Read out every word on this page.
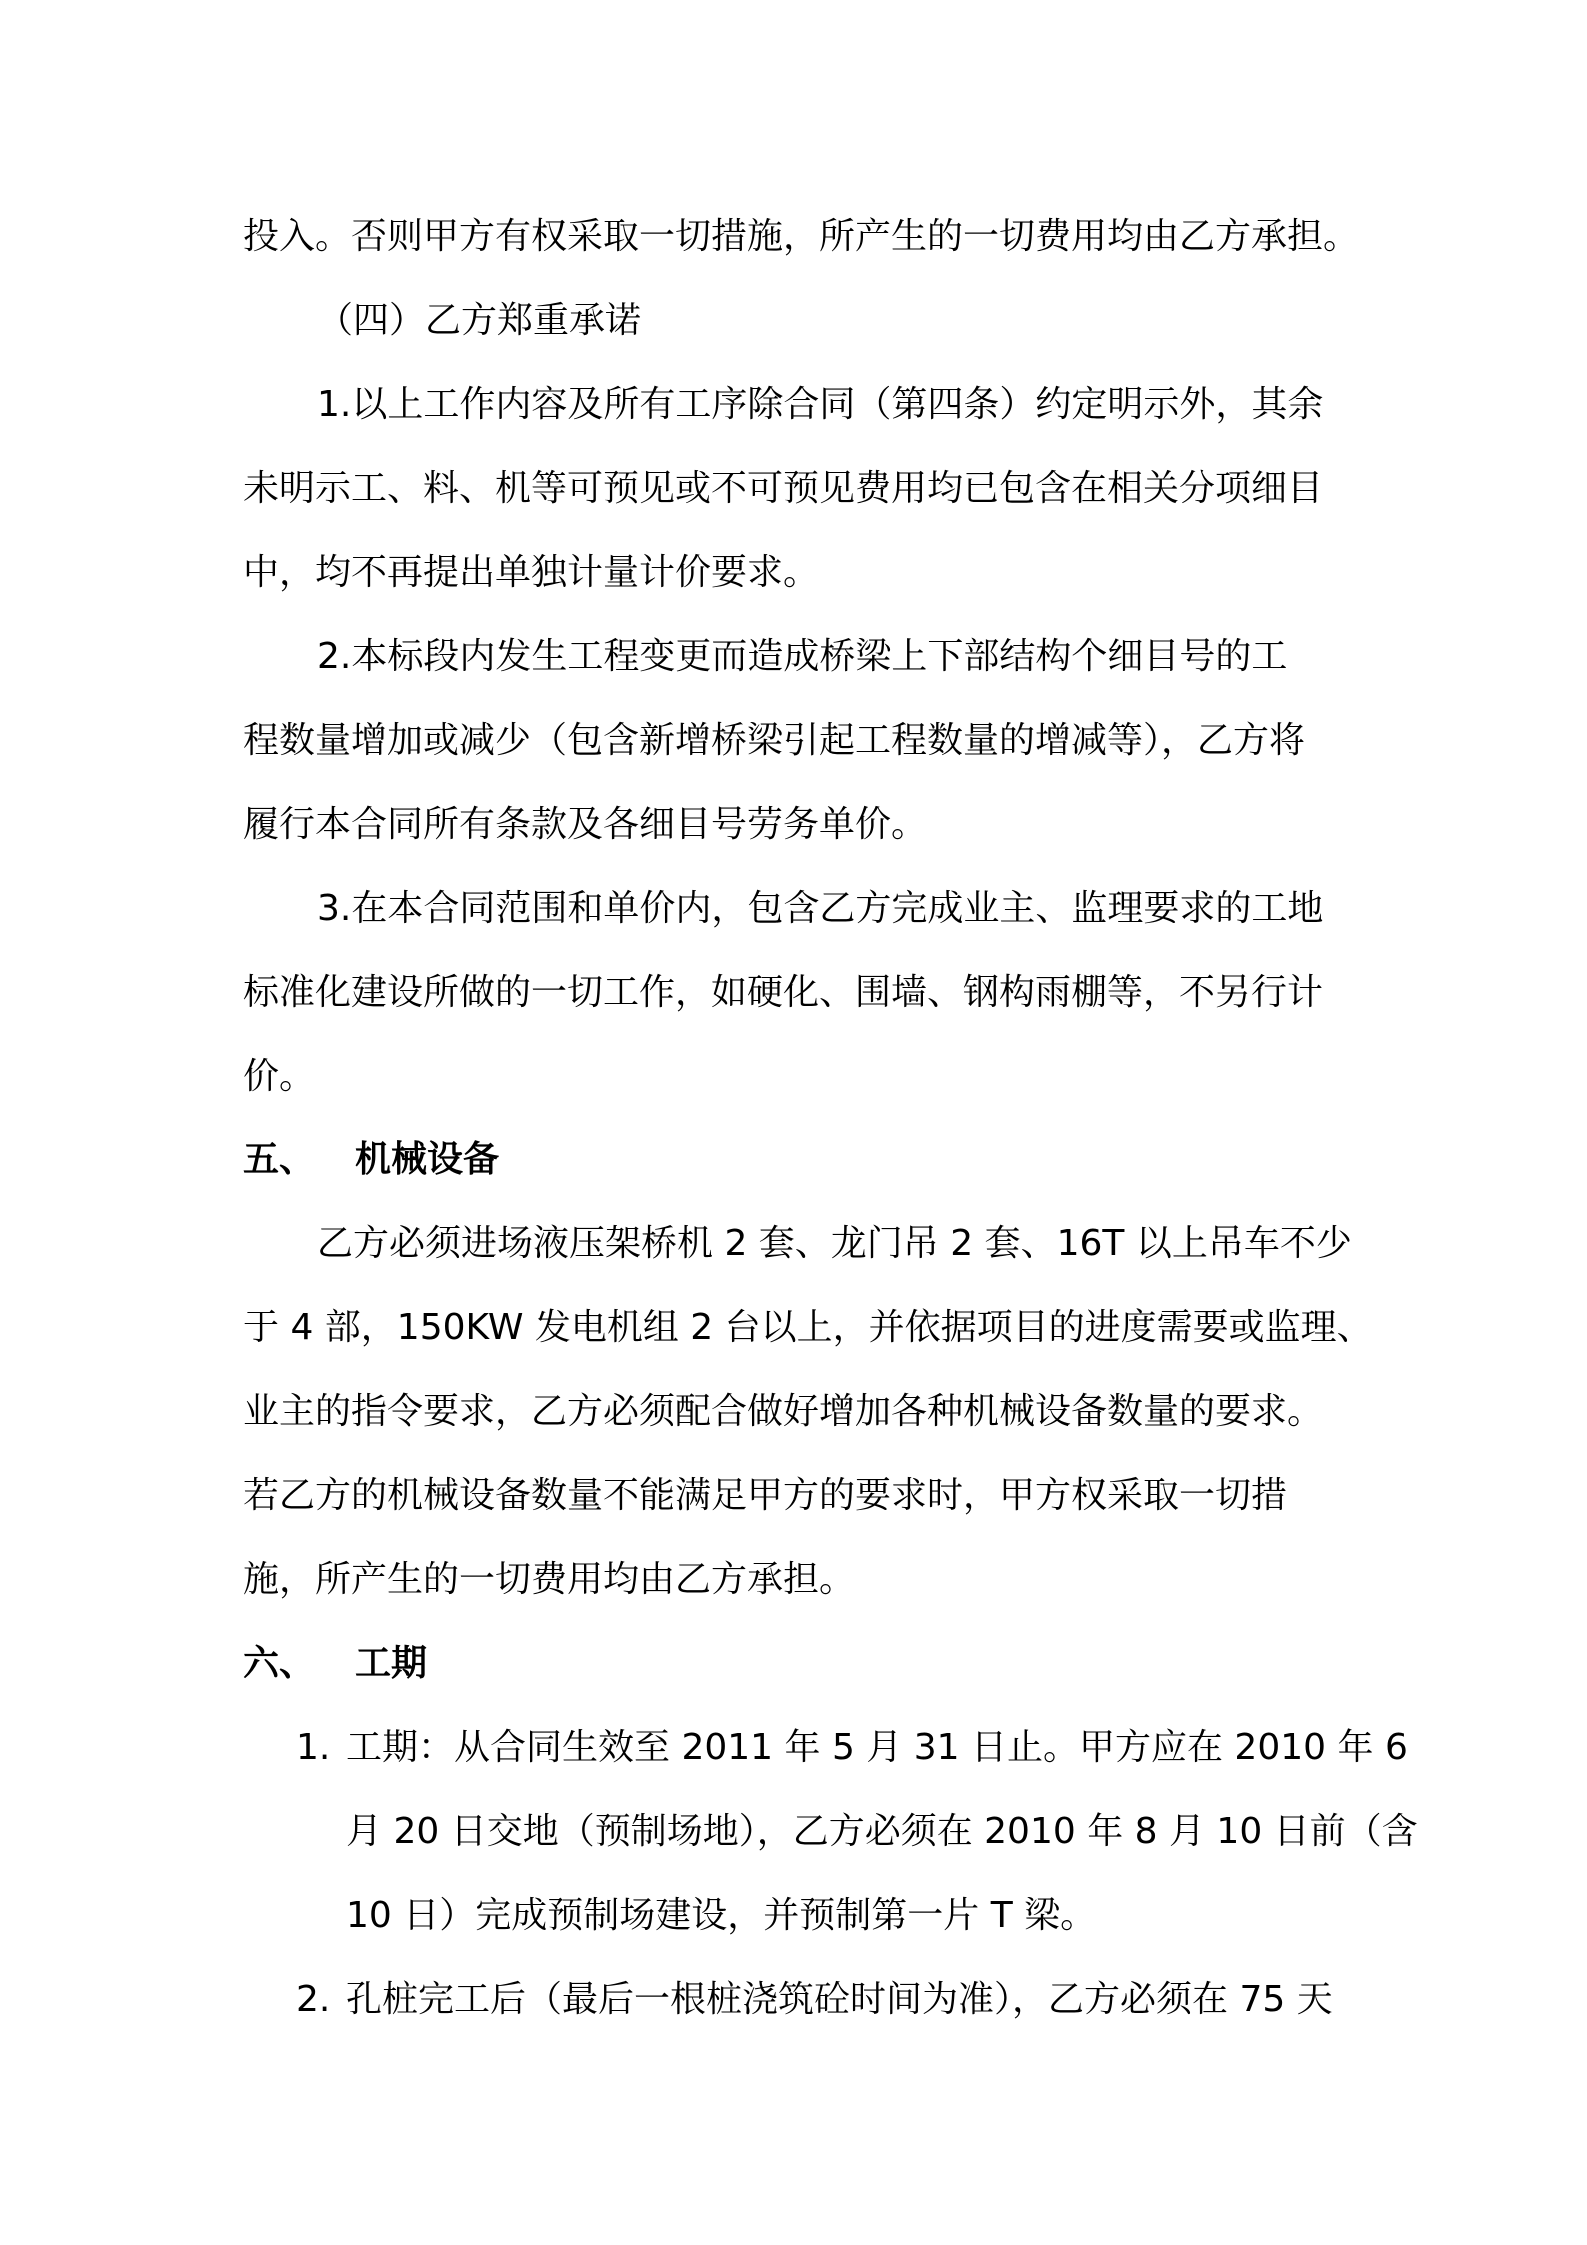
投入。否则甲方有权采取一切措施，所产生的一切费用均由乙方承担。
（四）乙方郑重承诺
1.以上工作内容及所有工序除合同（第四条）约定明示外，其余
未明示工、料、机等可预见或不可预见费用均已包含在相关分项细目
中，均不再提出单独计量计价要求。
2.本标段内发生工程变更而造成桥梁上下部结构个细目号的工
程数量增加或减少（包含新增桥梁引起工程数量的增减等），乙方将
履行本合同所有条款及各细目号劳务单价。
3.在本合同范围和单价内，包含乙方完成业主、监理要求的工地
标准化建设所做的一切工作，如硬化、围墙、钢构雨棚等，不另行计
价。
五、 机械设备
乙方必须进场液压架桥机 2 套、龙门吊 2 套、16T 以上吊车不少
于 4 部，150KW 发电机组 2 台以上，并依据项目的进度需要或监理、
业主的指令要求，乙方必须配合做好增加各种机械设备数量的要求。
若乙方的机械设备数量不能满足甲方的要求时，甲方权采取一切措
施，所产生的一切费用均由乙方承担。
六、 工期
1. 工期：从合同生效至 2011 年 5 月 31 日止。甲方应在 2010 年 6
月 20 日交地（预制场地），乙方必须在 2010 年 8 月 10 日前（含
10 日）完成预制场建设，并预制第一片 T 梁。
2. 孔桩完工后（最后一根桩浇筑砼时间为准），乙方必须在 75 天
